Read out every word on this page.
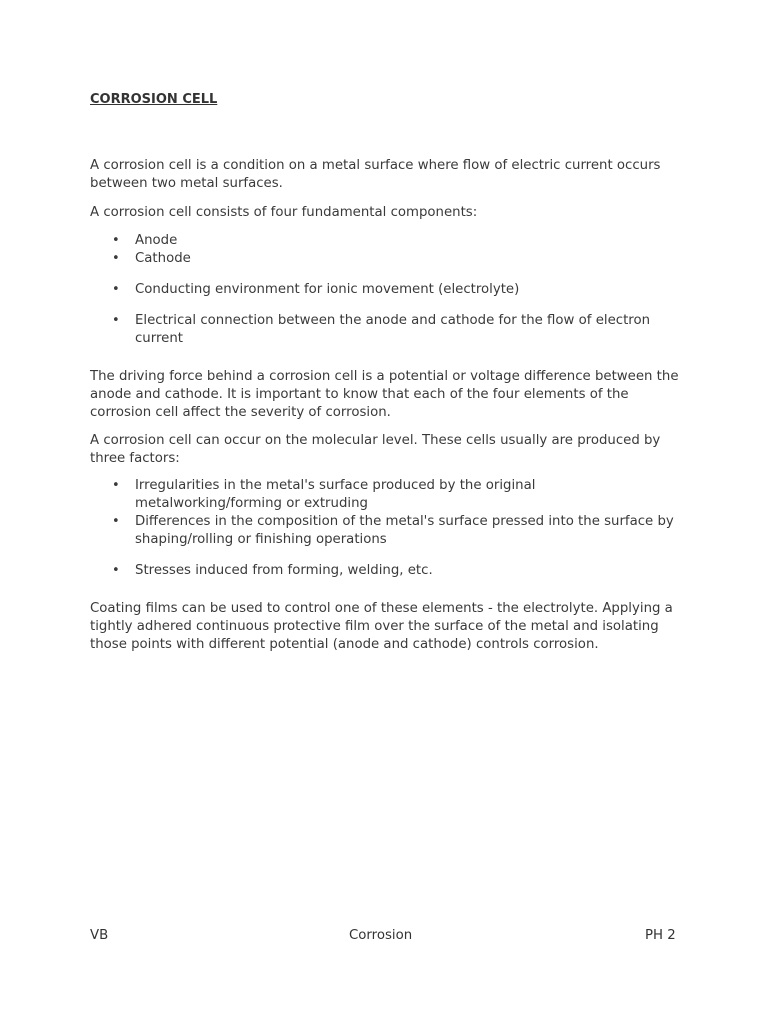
CORROSION CELL

A corrosion cell is a condition on a metal surface where flow of electric current occurs between two metal surfaces.

A corrosion cell consists of four fundamental components:

• Anode
• Cathode
• Conducting environment for ionic movement (electrolyte)
• Electrical connection between the anode and cathode for the flow of electron current

The driving force behind a corrosion cell is a potential or voltage difference between the anode and cathode. It is important to know that each of the four elements of the corrosion cell affect the severity of corrosion.

A corrosion cell can occur on the molecular level. These cells usually are produced by three factors:

• Irregularities in the metal's surface produced by the original metalworking/forming or extruding
• Differences in the composition of the metal's surface pressed into the surface by shaping/rolling or finishing operations
• Stresses induced from forming, welding, etc.

Coating films can be used to control one of these elements - the electrolyte. Applying a tightly adhered continuous protective film over the surface of the metal and isolating those points with different potential (anode and cathode) controls corrosion.

VB	Corrosion	PH 2
